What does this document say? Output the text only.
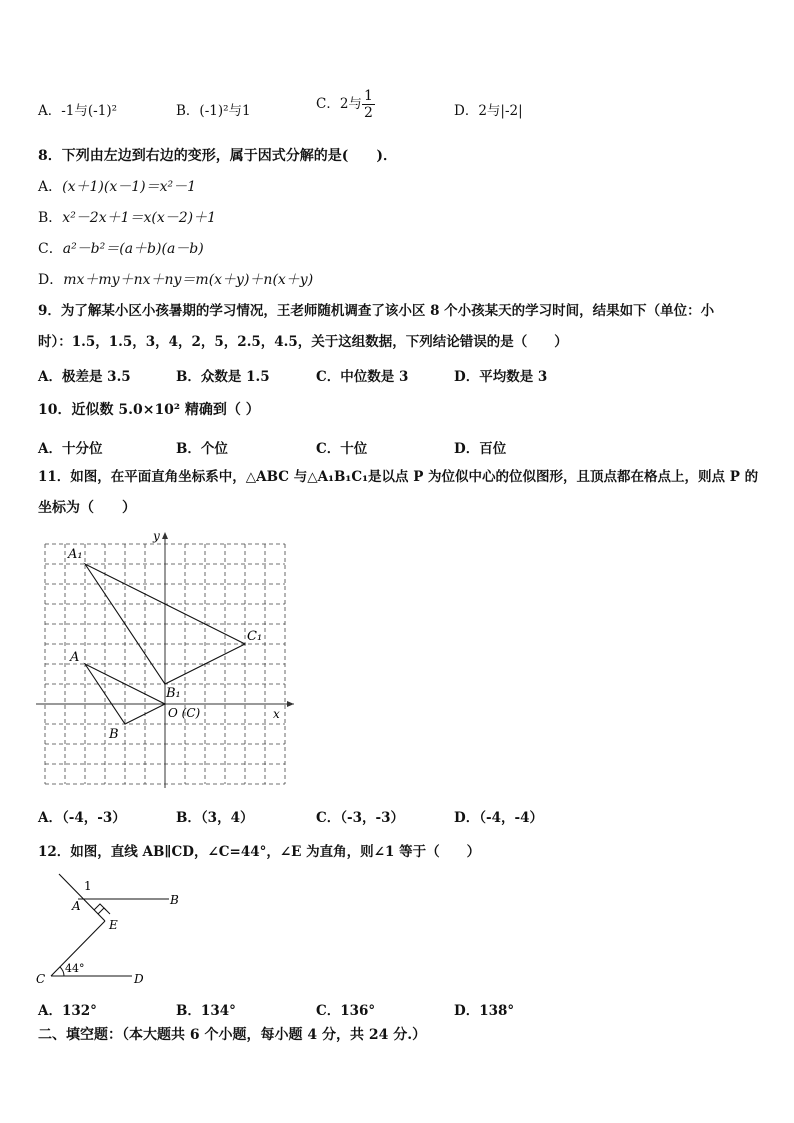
A．-1与(-1)²	B．(-1)²与1	C．2与 $\frac{1}{2}$	D．2与|-2|
8．下列由左边到右边的变形，属于因式分解的是(　　)．
A．(x＋1)(x－1)＝x²－1
B．x²－2x＋1＝x(x－2)＋1
C．a²－b²＝(a＋b)(a－b)
D．mx＋my＋nx＋ny＝m(x＋y)＋n(x＋y)
9．为了解某小区小孩暑期的学习情况，王老师随机调查了该小区 8 个小孩某天的学习时间，结果如下（单位：小
时）：1.5，1.5，3，4，2，5，2.5，4.5，关于这组数据，下列结论错误的是（　　）
A．极差是 3.5	B．众数是 1.5	C．中位数是 3	D．平均数是 3
10．近似数 5.0×10² 精确到（ ）
A．十分位	B．个位	C．十位	D．百位
11．如图，在平面直角坐标系中，△ABC 与△A₁B₁C₁是以点 P 为位似中心的位似图形，且顶点都在格点上，则点 P 的
坐标为（　　）
A₁
A
B
B₁
C₁
O (C)	x
y
A．（-4，-3）	B．（3，4）	C．（-3，-3）	D．（-4，-4）
12．如图，直线 AB∥CD，∠C=44°，∠E 为直角，则∠1 等于（　　）
1
A	B
E
C	D
44°
A．132°	B．134°	C．136°	D．138°
二、填空题：（本大题共 6 个小题，每小题 4 分，共 24 分.）
